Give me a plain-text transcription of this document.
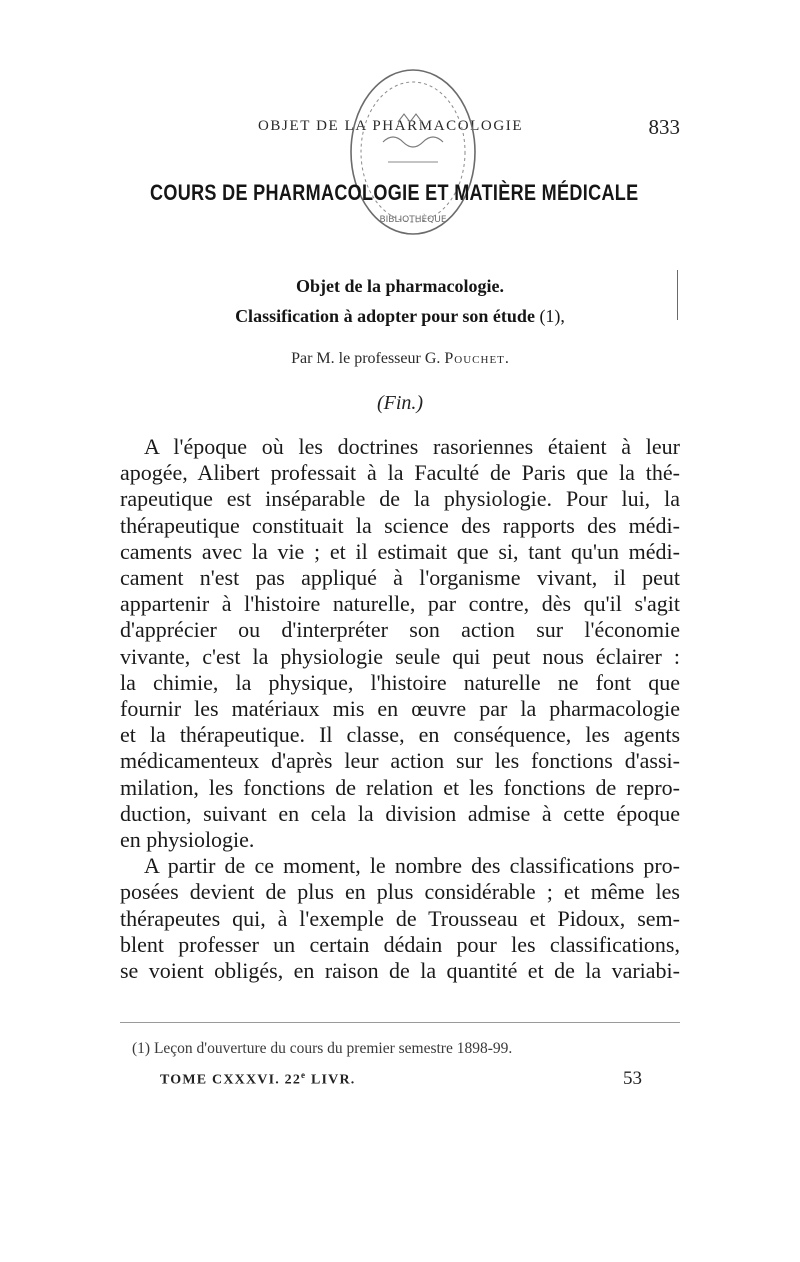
OBJET DE LA PHARMACOLOGIE	833
BIBLIOTHÈQUE
COURS DE PHARMACOLOGIE ET MATIÈRE MÉDICALE
Objet de la pharmacologie.
Classification à adopter pour son étude (1),
Par M. le professeur G. Pouchet.
(Fin.)
A l'époque où les doctrines rasoriennes étaient à leur
apogée, Alibert professait à la Faculté de Paris que la thé-
rapeutique est inséparable de la physiologie. Pour lui, la
thérapeutique constituait la science des rapports des médi-
caments avec la vie ; et il estimait que si, tant qu'un médi-
cament n'est pas appliqué à l'organisme vivant, il peut
appartenir à l'histoire naturelle, par contre, dès qu'il s'agit
d'apprécier ou d'interpréter son action sur l'économie
vivante, c'est la physiologie seule qui peut nous éclairer :
la chimie, la physique, l'histoire naturelle ne font que
fournir les matériaux mis en œuvre par la pharmacologie
et la thérapeutique. Il classe, en conséquence, les agents
médicamenteux d'après leur action sur les fonctions d'assi-
milation, les fonctions de relation et les fonctions de repro-
duction, suivant en cela la division admise à cette époque
en physiologie.
A partir de ce moment, le nombre des classifications pro-
posées devient de plus en plus considérable ; et même les
thérapeutes qui, à l'exemple de Trousseau et Pidoux, sem-
blent professer un certain dédain pour les classifications,
se voient obligés, en raison de la quantité et de la variabi-
(1) Leçon d'ouverture du cours du premier semestre 1898-99.
TOME CXXXVI. 22e LIVR.	53
